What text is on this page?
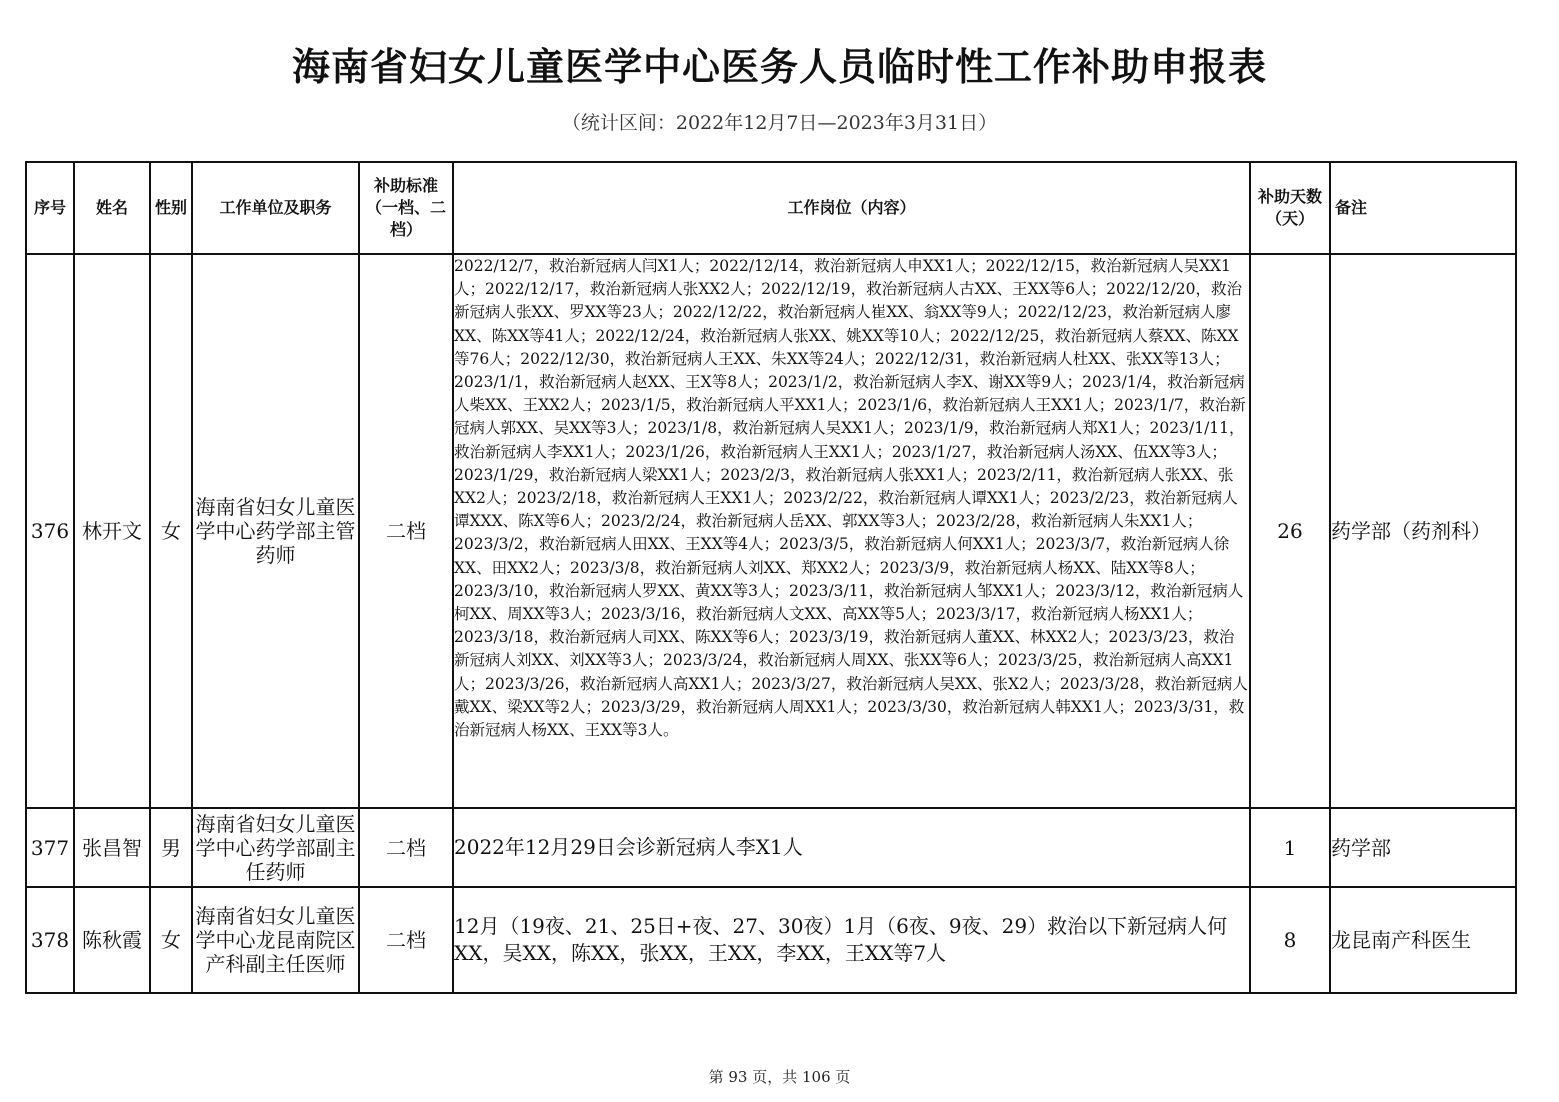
海南省妇女儿童医学中心医务人员临时性工作补助申报表
（统计区间：2022年12月7日—2023年3月31日）
序号	姓名	性别	工作单位及职务	补助标准（一档、二档）	工作岗位（内容）	补助天数（天）	备注
376	林开文	女	海南省妇女儿童医学中心药学部主管药师	二档	2022/12/7，救治新冠病人闫X1人；2022/12/14，救治新冠病人申XX1人；2022/12/15，救治新冠病人吴XX1人；2022/12/17，救治新冠病人张XX2人；2022/12/19，救治新冠病人古XX、王XX等6人；2022/12/20，救治新冠病人张XX、罗XX等23人；2022/12/22，救治新冠病人崔XX、翁XX等9人；2022/12/23，救治新冠病人廖XX、陈XX等41人；2022/12/24，救治新冠病人张XX、姚XX等10人；2022/12/25，救治新冠病人蔡XX、陈XX等76人；2022/12/30，救治新冠病人王XX、朱XX等24人；2022/12/31，救治新冠病人杜XX、张XX等13人；2023/1/1，救治新冠病人赵XX、王X等8人；2023/1/2，救治新冠病人李X、谢XX等9人；2023/1/4，救治新冠病人柴XX、王XX2人；2023/1/5，救治新冠病人平XX1人；2023/1/6，救治新冠病人王XX1人；2023/1/7，救治新冠病人郭XX、吴XX等3人；2023/1/8，救治新冠病人吴XX1人；2023/1/9，救治新冠病人郑X1人；2023/1/11，救治新冠病人李XX1人；2023/1/26，救治新冠病人王XX1人；2023/1/27，救治新冠病人汤XX、伍XX等3人；2023/1/29，救治新冠病人梁XX1人；2023/2/3，救治新冠病人张XX1人；2023/2/11，救治新冠病人张XX、张XX2人；2023/2/18，救治新冠病人王XX1人；2023/2/22，救治新冠病人谭XX1人；2023/2/23，救治新冠病人谭XXX、陈X等6人；2023/2/24，救治新冠病人岳XX、郭XX等3人；2023/2/28，救治新冠病人朱XX1人；2023/3/2，救治新冠病人田XX、王XX等4人；2023/3/5，救治新冠病人何XX1人；2023/3/7，救治新冠病人徐XX、田XX2人；2023/3/8，救治新冠病人刘XX、郑XX2人；2023/3/9，救治新冠病人杨XX、陆XX等8人；2023/3/10，救治新冠病人罗XX、黄XX等3人；2023/3/11，救治新冠病人邹XX1人；2023/3/12，救治新冠病人柯XX、周XX等3人；2023/3/16，救治新冠病人文XX、高XX等5人；2023/3/17，救治新冠病人杨XX1人；2023/3/18，救治新冠病人司XX、陈XX等6人；2023/3/19，救治新冠病人董XX、林XX2人；2023/3/23，救治新冠病人刘XX、刘XX等3人；2023/3/24，救治新冠病人周XX、张XX等6人；2023/3/25，救治新冠病人高XX1人；2023/3/26，救治新冠病人高XX1人；2023/3/27，救治新冠病人吴XX、张X2人；2023/3/28，救治新冠病人戴XX、梁XX等2人；2023/3/29，救治新冠病人周XX1人；2023/3/30，救治新冠病人韩XX1人；2023/3/31，救治新冠病人杨XX、王XX等3人。	26	药学部（药剂科）
377	张昌智	男	海南省妇女儿童医学中心药学部副主任药师	二档	2022年12月29日会诊新冠病人李X1人	1	药学部
378	陈秋霞	女	海南省妇女儿童医学中心龙昆南院区产科副主任医师	二档	12月（19夜、21、25日+夜、27、30夜）1月（6夜、9夜、29）救治以下新冠病人何XX，吴XX，陈XX，张XX，王XX，李XX，王XX等7人	8	龙昆南产科医生
第 93 页，共 106 页
